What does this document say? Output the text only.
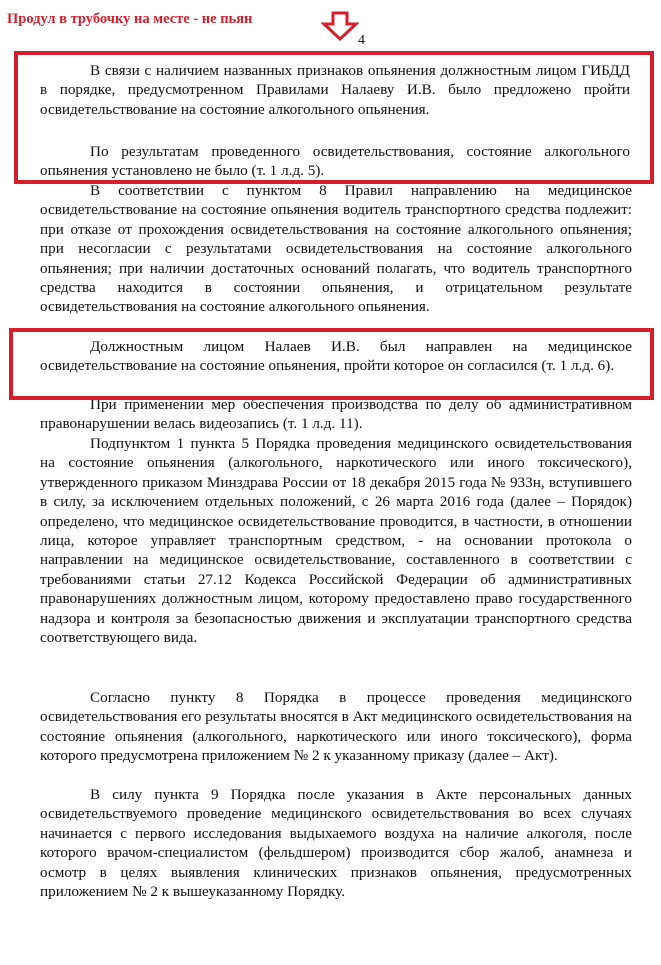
Продул в трубочку на месте - не пьян
4

В связи с наличием названных признаков опьянения должностным лицом ГИБДД в порядке, предусмотренном Правилами Налаеву И.В. было предложено пройти освидетельствование на состояние алкогольного опьянения.

По результатам проведенного освидетельствования, состояние алкогольного опьянения установлено не было (т. 1 л.д. 5).

В соответствии с пунктом 8 Правил направлению на медицинское освидетельствование на состояние опьянения водитель транспортного средства подлежит: при отказе от прохождения освидетельствования на состояние алкогольного опьянения; при несогласии с результатами освидетельствования на состояние алкогольного опьянения; при наличии достаточных оснований полагать, что водитель транспортного средства находится в состоянии опьянения, и отрицательном результате освидетельствования на состояние алкогольного опьянения.

Должностным лицом Налаев И.В. был направлен на медицинское освидетельствование на состояние опьянения, пройти которое он согласился (т. 1 л.д. 6).

При применении мер обеспечения производства по делу об административном правонарушении велась видеозапись (т. 1 л.д. 11).

Подпунктом 1 пункта 5 Порядка проведения медицинского освидетельствования на состояние опьянения (алкогольного, наркотического или иного токсического), утвержденного приказом Минздрава России от 18 декабря 2015 года № 933н, вступившего в силу, за исключением отдельных положений, с 26 марта 2016 года (далее – Порядок) определено, что медицинское освидетельствование проводится, в частности, в отношении лица, которое управляет транспортным средством, - на основании протокола о направлении на медицинское освидетельствование, составленного в соответствии с требованиями статьи 27.12 Кодекса Российской Федерации об административных правонарушениях должностным лицом, которому предоставлено право государственного надзора и контроля за безопасностью движения и эксплуатации транспортного средства соответствующего вида.

Согласно пункту 8 Порядка в процессе проведения медицинского освидетельствования его результаты вносятся в Акт медицинского освидетельствования на состояние опьянения (алкогольного, наркотического или иного токсического), форма которого предусмотрена приложением № 2 к указанному приказу (далее – Акт).

В силу пункта 9 Порядка после указания в Акте персональных данных освидетельствуемого проведение медицинского освидетельствования во всех случаях начинается с первого исследования выдыхаемого воздуха на наличие алкоголя, после которого врачом-специалистом (фельдшером) производится сбор жалоб, анамнеза и осмотр в целях выявления клинических признаков опьянения, предусмотренных приложением № 2 к вышеуказанному Порядку.
